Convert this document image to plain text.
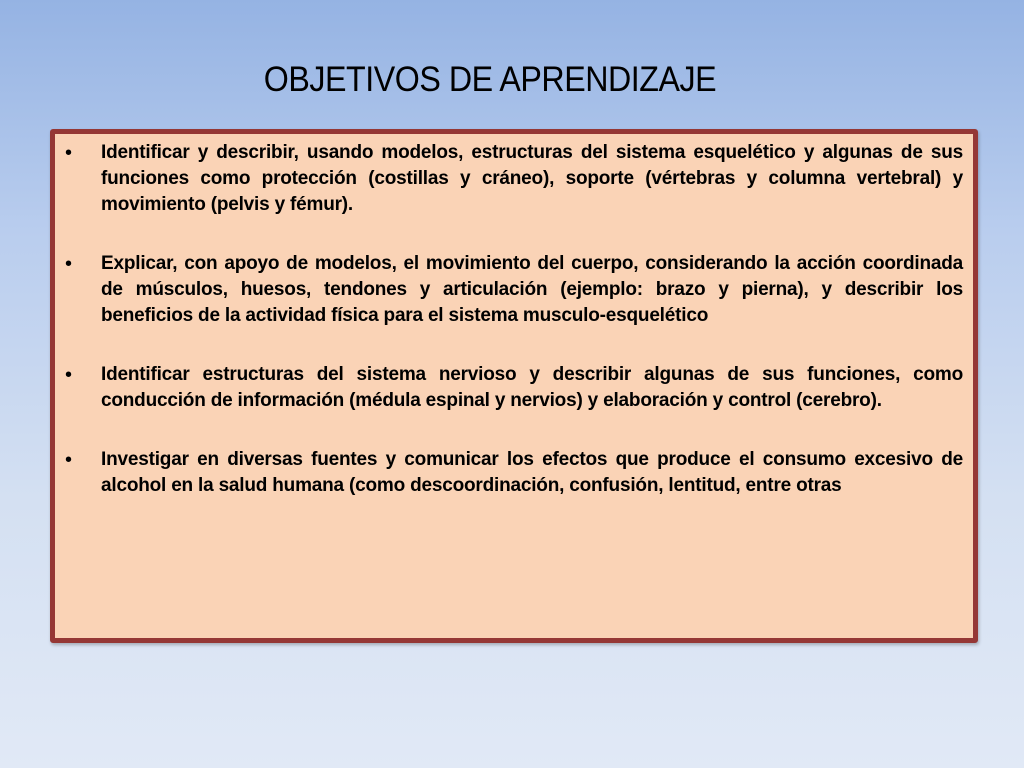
OBJETIVOS DE APRENDIZAJE
• Identificar y describir, usando modelos, estructuras del sistema esquelético y algunas de sus funciones como protección (costillas y cráneo), soporte (vértebras y columna vertebral) y movimiento (pelvis y fémur).
• Explicar, con apoyo de modelos, el movimiento del cuerpo, considerando la acción coordinada de músculos, huesos, tendones y articulación (ejemplo: brazo y pierna), y describir los beneficios de la actividad física para el sistema musculo-esquelético
• Identificar estructuras del sistema nervioso y describir algunas de sus funciones, como conducción de información (médula espinal y nervios) y elaboración y control (cerebro).
• Investigar en diversas fuentes y comunicar los efectos que produce el consumo excesivo de alcohol en la salud humana (como descoordinación, confusión, lentitud, entre otras
